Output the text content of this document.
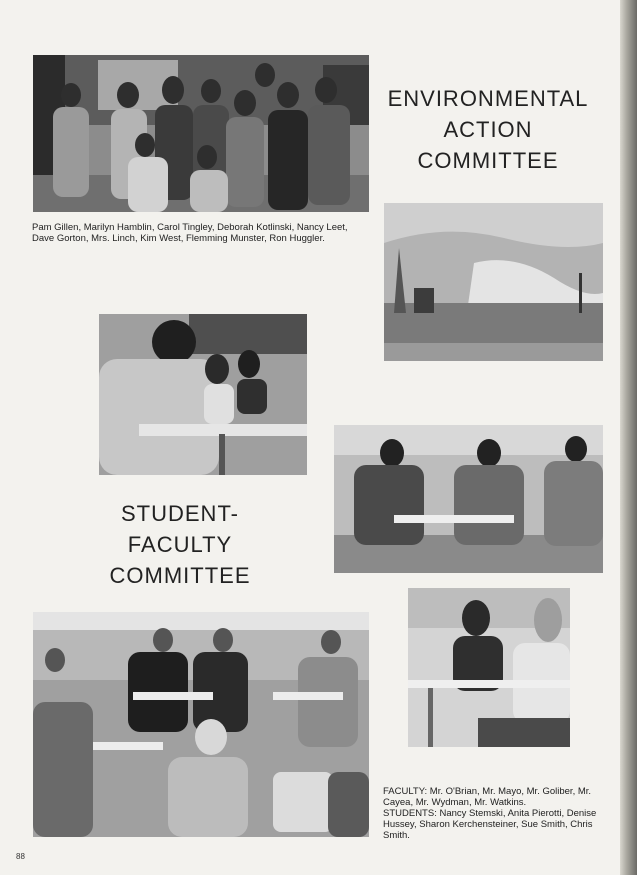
ENVIRONMENTAL
ACTION
COMMITTEE
Pam Gillen, Marilyn Hamblin, Carol Tingley, Deborah Kotlinski, Nancy Leet, Dave Gorton, Mrs. Linch, Kim West, Flemming Munster, Ron Huggler.
STUDENT-
FACULTY
COMMITTEE
FACULTY: Mr. O'Brian, Mr. Mayo, Mr. Goliber, Mr. Cayea, Mr. Wydman, Mr. Watkins.
STUDENTS: Nancy Stemski, Anita Pierotti, Denise Hussey, Sharon Kerchensteiner, Sue Smith, Chris Smith.
88
